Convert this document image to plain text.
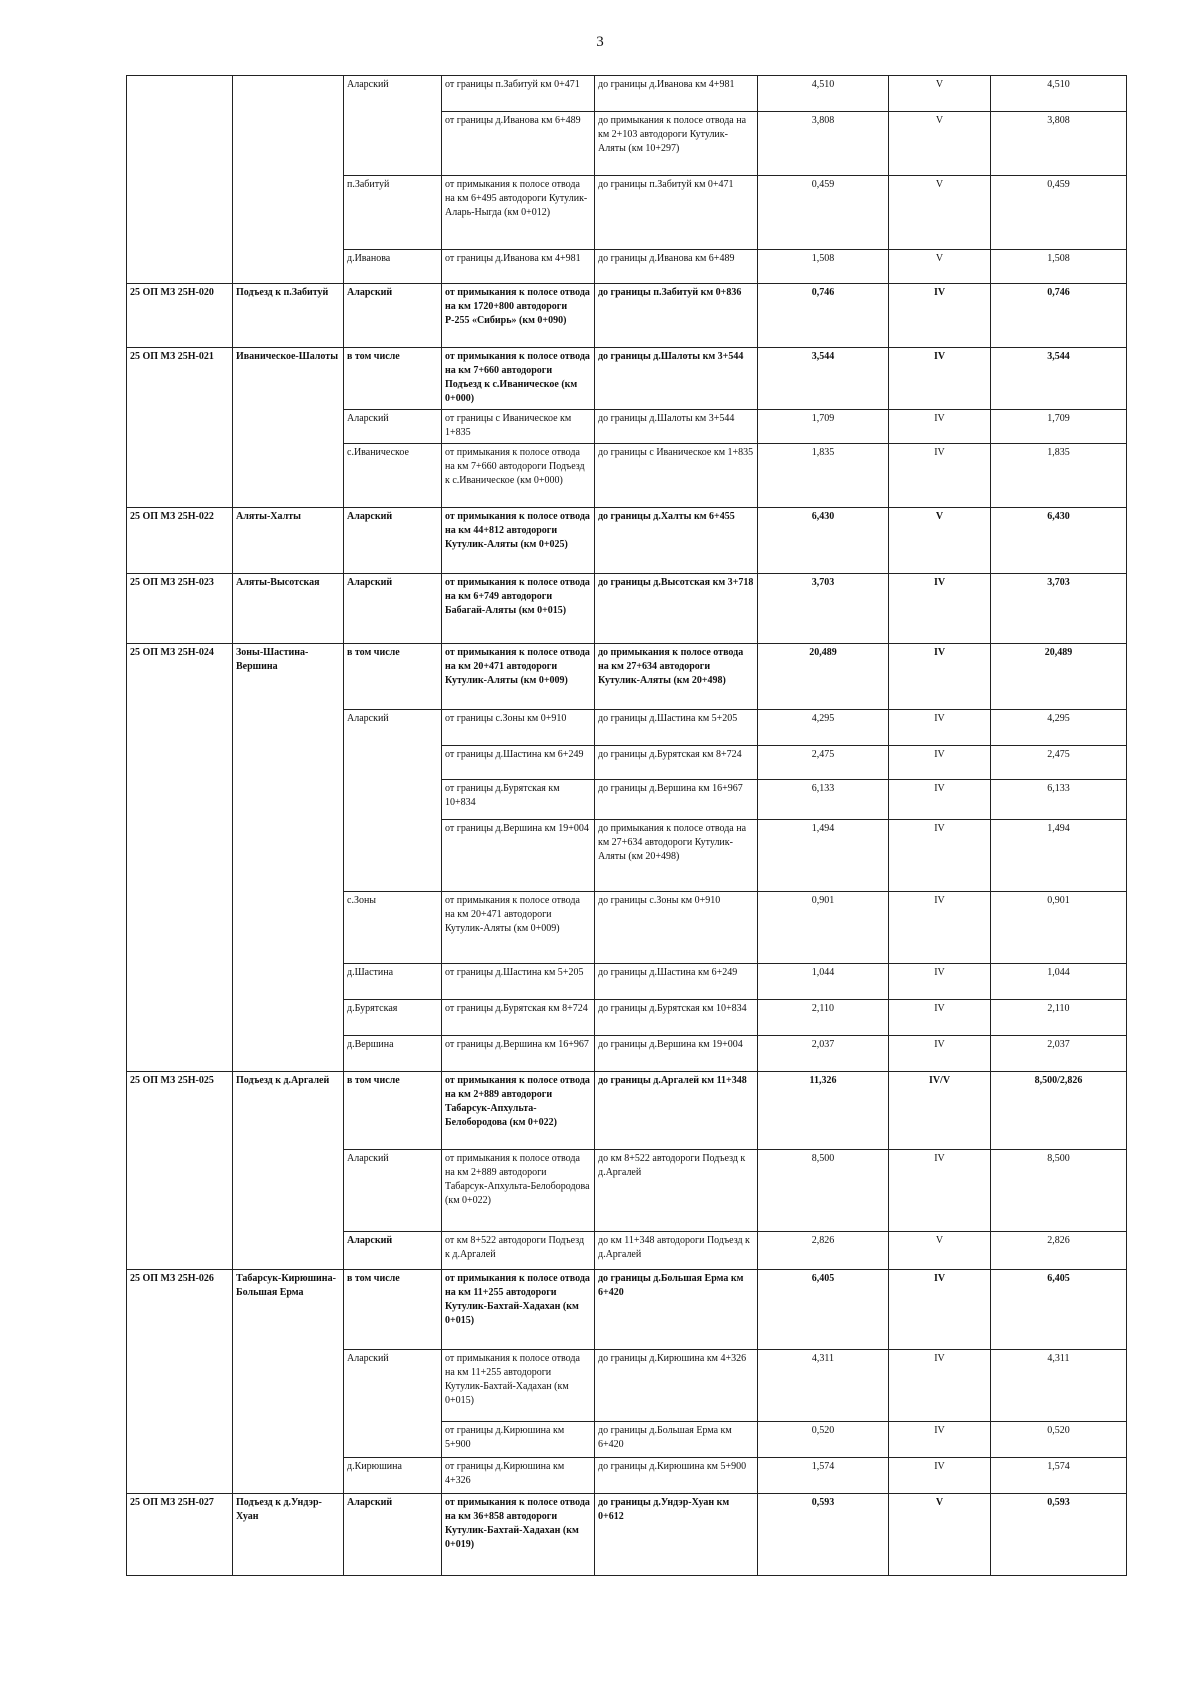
3
		Аларский	от границы п.Забитуй км 0+471	до границы д.Иванова км 4+981	4,510	V	4,510
			от границы д.Иванова км 6+489	до примыкания к полосе отвода на км 2+103 автодороги Кутулик-Аляты (км 10+297)	3,808	V	3,808
		п.Забитуй	от примыкания к полосе отвода на км 6+495 автодороги Кутулик-Аларь-Ныгда (км 0+012)	до границы п.Забитуй км 0+471	0,459	V	0,459
		д.Иванова	от границы д.Иванова км 4+981	до границы д.Иванова км 6+489	1,508	V	1,508
25 ОП МЗ 25Н-020	Подъезд к п.Забитуй	Аларский	от примыкания к полосе отвода на км 1720+800 автодороги Р-255 «Сибирь» (км 0+090)	до границы п.Забитуй км 0+836	0,746	IV	0,746
25 ОП МЗ 25Н-021	Иваническое-Шалоты	в том числе	от примыкания к полосе отвода на км 7+660 автодороги Подъезд к с.Иваническое (км 0+000)	до границы д.Шалоты км 3+544	3,544	IV	3,544
		Аларский	от границы с Иваническое км 1+835	до границы д.Шалоты км 3+544	1,709	IV	1,709
		с.Иваническое	от примыкания к полосе отвода на км 7+660 автодороги Подъезд к с.Иваническое (км 0+000)	до границы с Иваническое км 1+835	1,835	IV	1,835
25 ОП МЗ 25Н-022	Аляты-Халты	Аларский	от примыкания к полосе отвода на км 44+812 автодороги Кутулик-Аляты (км 0+025)	до границы д.Халты км 6+455	6,430	V	6,430
25 ОП МЗ 25Н-023	Аляты-Высотская	Аларский	от примыкания к полосе отвода на км 6+749 автодороги Бабагай-Аляты (км 0+015)	до границы д.Высотская км 3+718	3,703	IV	3,703
25 ОП МЗ 25Н-024	Зоны-Шастина-Вершина	в том числе	от примыкания к полосе отвода на км 20+471 автодороги Кутулик-Аляты (км 0+009)	до примыкания к полосе отвода на км 27+634 автодороги Кутулик-Аляты (км 20+498)	20,489	IV	20,489
		Аларский	от границы с.Зоны км 0+910	до границы д.Шастина км 5+205	4,295	IV	4,295
			от границы д.Шастина км 6+249	до границы д.Бурятская км 8+724	2,475	IV	2,475
			от границы д.Бурятская км 10+834	до границы д.Вершина км 16+967	6,133	IV	6,133
			от границы д.Вершина км 19+004	до примыкания к полосе отвода на км 27+634 автодороги Кутулик-Аляты (км 20+498)	1,494	IV	1,494
		с.Зоны	от примыкания к полосе отвода на км 20+471 автодороги Кутулик-Аляты (км 0+009)	до границы с.Зоны км 0+910	0,901	IV	0,901
		д.Шастина	от границы д.Шастина км 5+205	до границы д.Шастина км 6+249	1,044	IV	1,044
		д.Бурятская	от границы д.Бурятская км 8+724	до границы д.Бурятская км 10+834	2,110	IV	2,110
		д.Вершина	от границы д.Вершина км 16+967	до границы д.Вершина км 19+004	2,037	IV	2,037
25 ОП МЗ 25Н-025	Подъезд к д.Аргалей	в том числе	от примыкания к полосе отвода на км 2+889 автодороги Табарсук-Апхульта-Белобородова (км 0+022)	до границы д.Аргалей км 11+348	11,326	IV/V	8,500/2,826
		Аларский	от примыкания к полосе отвода на км 2+889 автодороги Табарсук-Апхульта-Белобородова (км 0+022)	до км 8+522 автодороги Подъезд к д.Аргалей	8,500	IV	8,500
		Аларский	от км 8+522 автодороги Подъезд к д.Аргалей	до км 11+348 автодороги Подъезд к д.Аргалей	2,826	V	2,826
25 ОП МЗ 25Н-026	Табарсук-Кирюшина-Большая Ерма	в том числе	от примыкания к полосе отвода на км 11+255 автодороги Кутулик-Бахтай-Хадахан (км 0+015)	до границы д.Большая Ерма км 6+420	6,405	IV	6,405
		Аларский	от примыкания к полосе отвода на км 11+255 автодороги Кутулик-Бахтай-Хадахан (км 0+015)	до границы д.Кирюшина км 4+326	4,311	IV	4,311
			от границы д.Кирюшина км 5+900	до границы д.Большая Ерма км 6+420	0,520	IV	0,520
		д.Кирюшина	от границы д.Кирюшина км 4+326	до границы д.Кирюшина км 5+900	1,574	IV	1,574
25 ОП МЗ 25Н-027	Подъезд к д.Ундэр-Хуан	Аларский	от примыкания к полосе отвода на км 36+858 автодороги Кутулик-Бахтай-Хадахан (км 0+019)	до границы д.Ундэр-Хуан км 0+612	0,593	V	0,593
